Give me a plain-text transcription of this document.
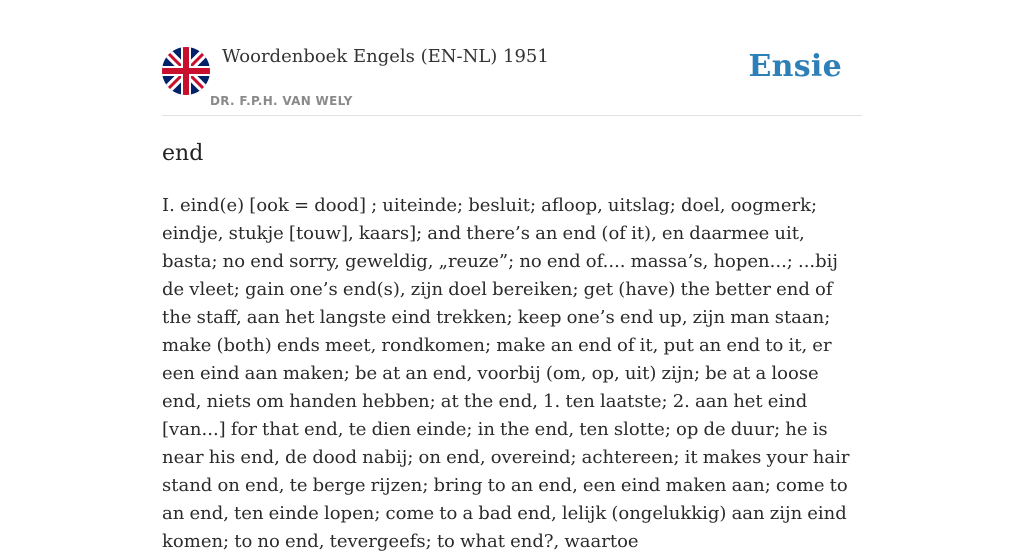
Woordenboek Engels (EN-NL) 1951
DR. F.P.H. VAN WELY
Ensie
end

I. eind(e) [ook = dood] ; uiteinde; besluit; afloop, uitslag; doel, oogmerk; eindje, stukje [touw], kaars]; and there’s an end (of it), en daarmee uit, basta; no end sorry, geweldig, „reuze”; no end of.... massa’s, hopen...; ...bij de vleet; gain one’s end(s), zijn doel bereiken; get (have) the better end of the staff, aan het langste eind trekken; keep one’s end up, zijn man staan; make (both) ends meet, rondkomen; make an end of it, put an end to it, er een eind aan maken; be at an end, voorbij (om, op, uit) zijn; be at a loose end, niets om handen hebben; at the end, 1. ten laatste; 2. aan het eind [van...] for that end, te dien einde; in the end, ten slotte; op de duur; he is near his end, de dood nabij; on end, overeind; achtereen; it makes your hair stand on end, te berge rijzen; bring to an end, een eind maken aan; come to an end, ten einde lopen; come to a bad end, lelijk (ongelukkig) aan zijn eind komen; to no end, tevergeefs; to what end?, waartoe
